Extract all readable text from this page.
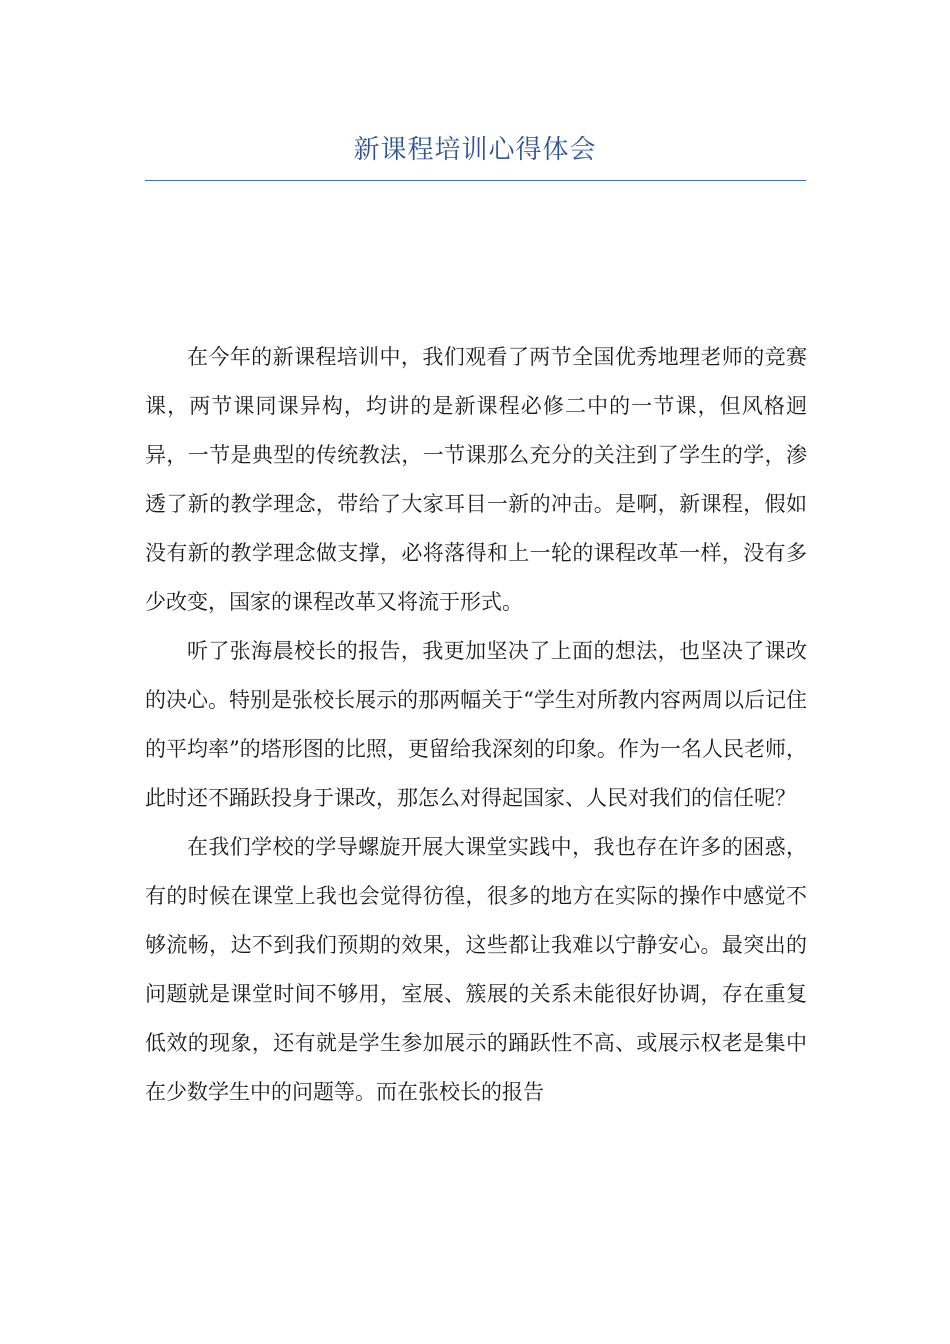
新课程培训心得体会

在今年的新课程培训中，我们观看了两节全国优秀地理老师的竞赛课，两节课同课异构，均讲的是新课程必修二中的一节课，但风格迥异，一节是典型的传统教法，一节课那么充分的关注到了学生的学，渗透了新的教学理念，带给了大家耳目一新的冲击。是啊，新课程，假如没有新的教学理念做支撑，必将落得和上一轮的课程改革一样，没有多少改变，国家的课程改革又将流于形式。

听了张海晨校长的报告，我更加坚决了上面的想法，也坚决了课改的决心。特别是张校长展示的那两幅关于“学生对所教内容两周以后记住的平均率”的塔形图的比照，更留给我深刻的印象。作为一名人民老师，此时还不踊跃投身于课改，那怎么对得起国家、人民对我们的信任呢？

在我们学校的学导螺旋开展大课堂实践中，我也存在许多的困惑，有的时候在课堂上我也会觉得彷徨，很多的地方在实际的操作中感觉不够流畅，达不到我们预期的效果，这些都让我难以宁静安心。最突出的问题就是课堂时间不够用，室展、簇展的关系未能很好协调，存在重复低效的现象，还有就是学生参加展示的踊跃性不高、或展示权老是集中在少数学生中的问题等。而在张校长的报告
